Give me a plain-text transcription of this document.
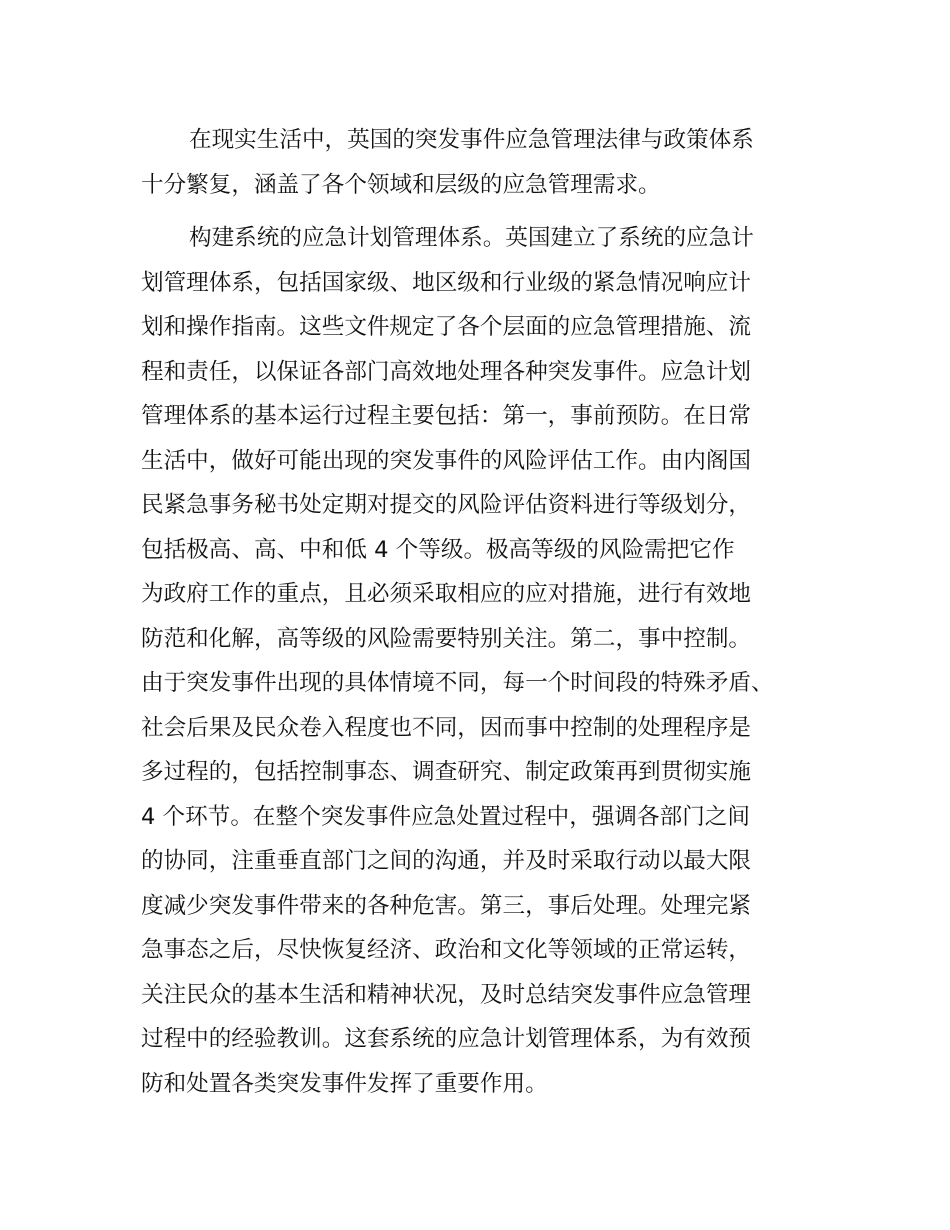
在现实生活中，英国的突发事件应急管理法律与政策体系
十分繁复，涵盖了各个领域和层级的应急管理需求。
构建系统的应急计划管理体系。英国建立了系统的应急计
划管理体系，包括国家级、地区级和行业级的紧急情况响应计
划和操作指南。这些文件规定了各个层面的应急管理措施、流
程和责任，以保证各部门高效地处理各种突发事件。应急计划
管理体系的基本运行过程主要包括：第一，事前预防。在日常
生活中，做好可能出现的突发事件的风险评估工作。由内阁国
民紧急事务秘书处定期对提交的风险评估资料进行等级划分，
包括极高、高、中和低 4 个等级。极高等级的风险需把它作
为政府工作的重点，且必须采取相应的应对措施，进行有效地
防范和化解，高等级的风险需要特别关注。第二，事中控制。
由于突发事件出现的具体情境不同，每一个时间段的特殊矛盾、
社会后果及民众卷入程度也不同，因而事中控制的处理程序是
多过程的，包括控制事态、调查研究、制定政策再到贯彻实施
4 个环节。在整个突发事件应急处置过程中，强调各部门之间
的协同，注重垂直部门之间的沟通，并及时采取行动以最大限
度减少突发事件带来的各种危害。第三，事后处理。处理完紧
急事态之后，尽快恢复经济、政治和文化等领域的正常运转，
关注民众的基本生活和精神状况，及时总结突发事件应急管理
过程中的经验教训。这套系统的应急计划管理体系，为有效预
防和处置各类突发事件发挥了重要作用。
